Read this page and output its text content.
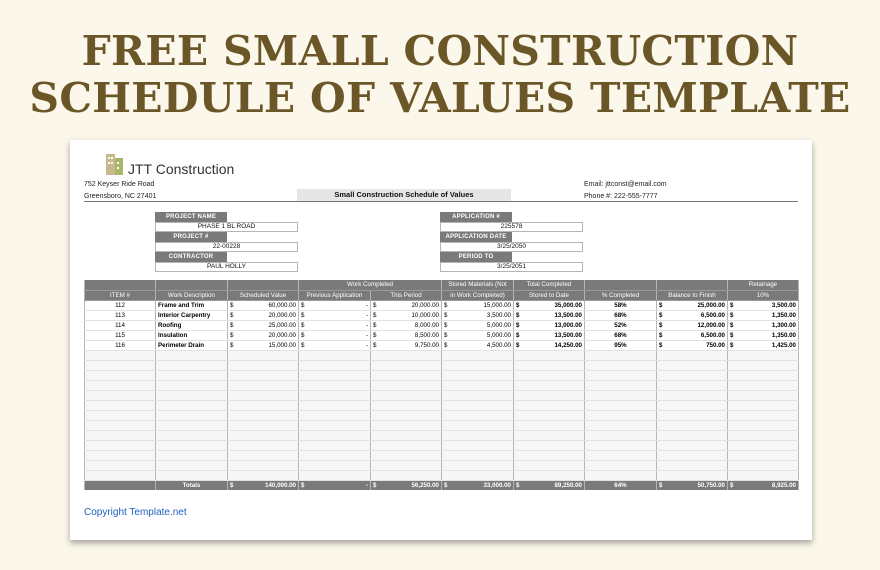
FREE SMALL CONSTRUCTION
SCHEDULE OF VALUES TEMPLATE
JTT Construction
752 Keyser Ride Road
Greensboro, NC 27401
Email: jttconst@email.com
Phone #: 222-555-7777
Small Construction Schedule of Values
PROJECT NAME
PHASE 1 BL ROAD
PROJECT #
22-00228
CONTRACTOR
PAUL HOLLY
APPLICATION #
225578
APPLICATION DATE
3/25/2050
PERIOD TO
3/25/2051
			Work Completed		Stored Materials (Not	Total Completed			Retainage
ITEM #	Work Description	Scheduled Value	Previous Application	This Period	in Work Completed)	Stored to Date	% Completed	Balance to Finish	10%
112	Frame and Trim	$ 60,000.00	$ -	$ 20,000.00	$ 15,000.00	$ 35,000.00	58%	$ 25,000.00	$ 3,500.00

113	Interior Carpentry	$ 20,000.00	$ -	$ 10,000.00	$ 3,500.00	$ 13,500.00	68%	$ 6,500.00	$ 1,350.00

114	Roofing	$ 25,000.00	$ -	$ 8,000.00	$ 5,000.00	$ 13,000.00	52%	$ 12,000.00	$ 1,300.00

115	Insulation	$ 20,000.00	$ -	$ 8,500.00	$ 5,000.00	$ 13,500.00	68%	$ 6,500.00	$ 1,350.00

116	Perimeter Drain	$ 15,000.00	$ -	$ 9,750.00	$ 4,500.00	$ 14,250.00	95%	$ 750.00	$ 1,425.00

	Totals	$ 140,000.00	$ -	$ 56,250.00	$ 33,000.00	$ 89,250.00	64%	$ 50,750.00	$ 8,925.00
Copyright Template.net
